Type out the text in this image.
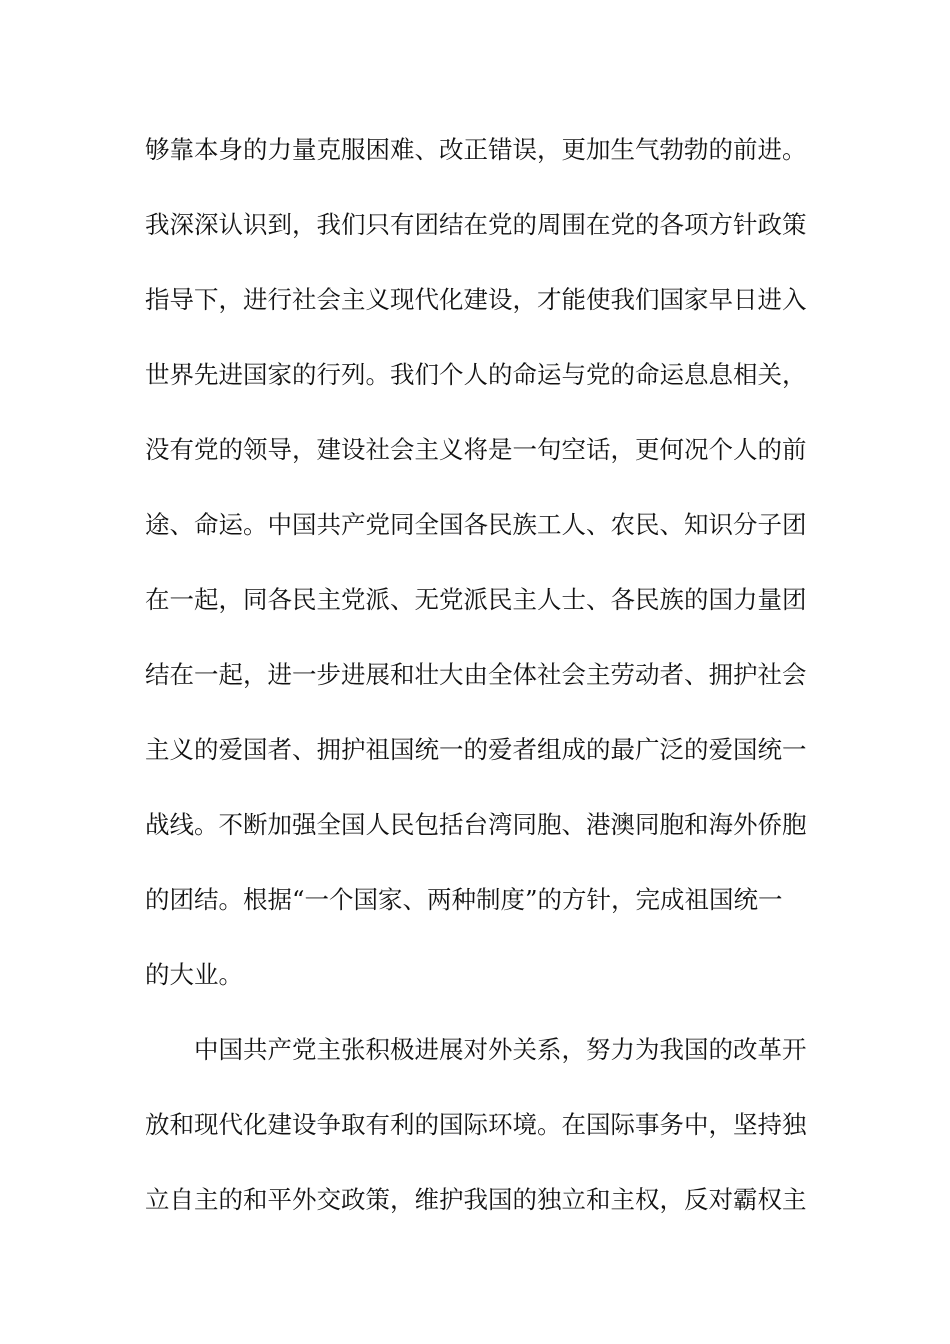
够靠本身的力量克服困难、改正错误，更加生气勃勃的前进。
我深深认识到，我们只有团结在党的周围在党的各项方针政策
指导下，进行社会主义现代化建设，才能使我们国家早日进入
世界先进国家的行列。我们个人的命运与党的命运息息相关，
没有党的领导，建设社会主义将是一句空话，更何况个人的前
途、命运。中国共产党同全国各民族工人、农民、知识分子团
在一起，同各民主党派、无党派民主人士、各民族的国力量团
结在一起，进一步进展和壮大由全体社会主劳动者、拥护社会
主义的爱国者、拥护祖国统一的爱者组成的最广泛的爱国统一
战线。不断加强全国人民包括台湾同胞、港澳同胞和海外侨胞
的团结。根据“一个国家、两种制度”的方针，完成祖国统一
的大业。
中国共产党主张积极进展对外关系，努力为我国的改革开
放和现代化建设争取有利的国际环境。在国际事务中，坚持独
立自主的和平外交政策，维护我国的独立和主权，反对霸权主
